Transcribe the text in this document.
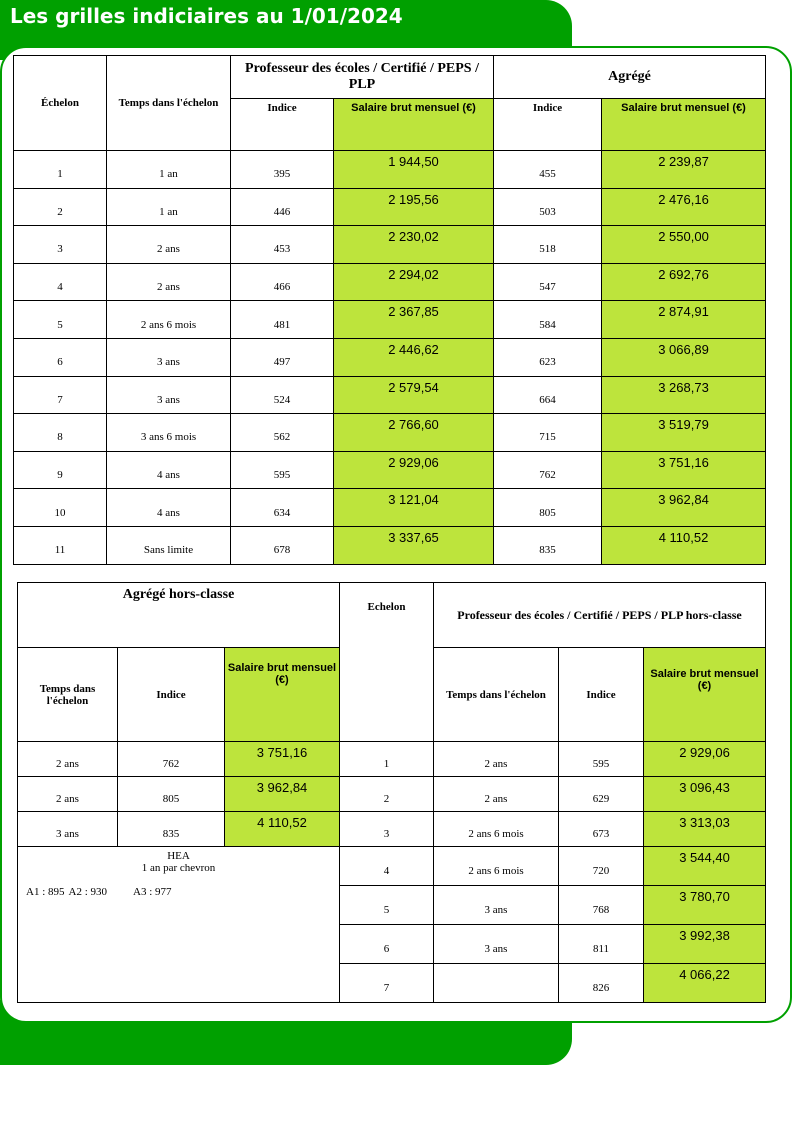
Les grilles indiciaires au 1/01/2024
Échelon	Temps dans l'échelon	Professeur des écoles / Certifié / PEPS / PLP		Agrégé	
		Indice	Salaire brut mensuel (€)	Indice	Salaire brut mensuel (€)
1	1 an	395	1 944,50	455	2 239,87
2	1 an	446	2 195,56	503	2 476,16
3	2 ans	453	2 230,02	518	2 550,00
4	2 ans	466	2 294,02	547	2 692,76
5	2 ans 6 mois	481	2 367,85	584	2 874,91
6	3 ans	497	2 446,62	623	3 066,89
7	3 ans	524	2 579,54	664	3 268,73
8	3 ans 6 mois	562	2 766,60	715	3 519,79
9	4 ans	595	2 929,06	762	3 751,16
10	4 ans	634	3 121,04	805	3 962,84
11	Sans limite	678	3 337,65	835	4 110,52
Agrégé hors-classe			Echelon	Professeur des écoles / Certifié / PEPS / PLP hors-classe		
Temps dans l'échelon	Indice	Salaire brut mensuel (€)		Temps dans l'échelon	Indice	Salaire brut mensuel (€)
2 ans	762	3 751,16	1	2 ans	595	2 929,06
2 ans	805	3 962,84	2	2 ans	629	3 096,43
3 ans	835	4 110,52	3	2 ans 6 mois	673	3 313,03

HEA
1 an par chevron
A1 : 895 A2 : 930 A3 : 977			4	2 ans 6 mois	720	3 544,40
			5	3 ans	768	3 780,70
			6	3 ans	811	3 992,38
			7		826	4 066,22
